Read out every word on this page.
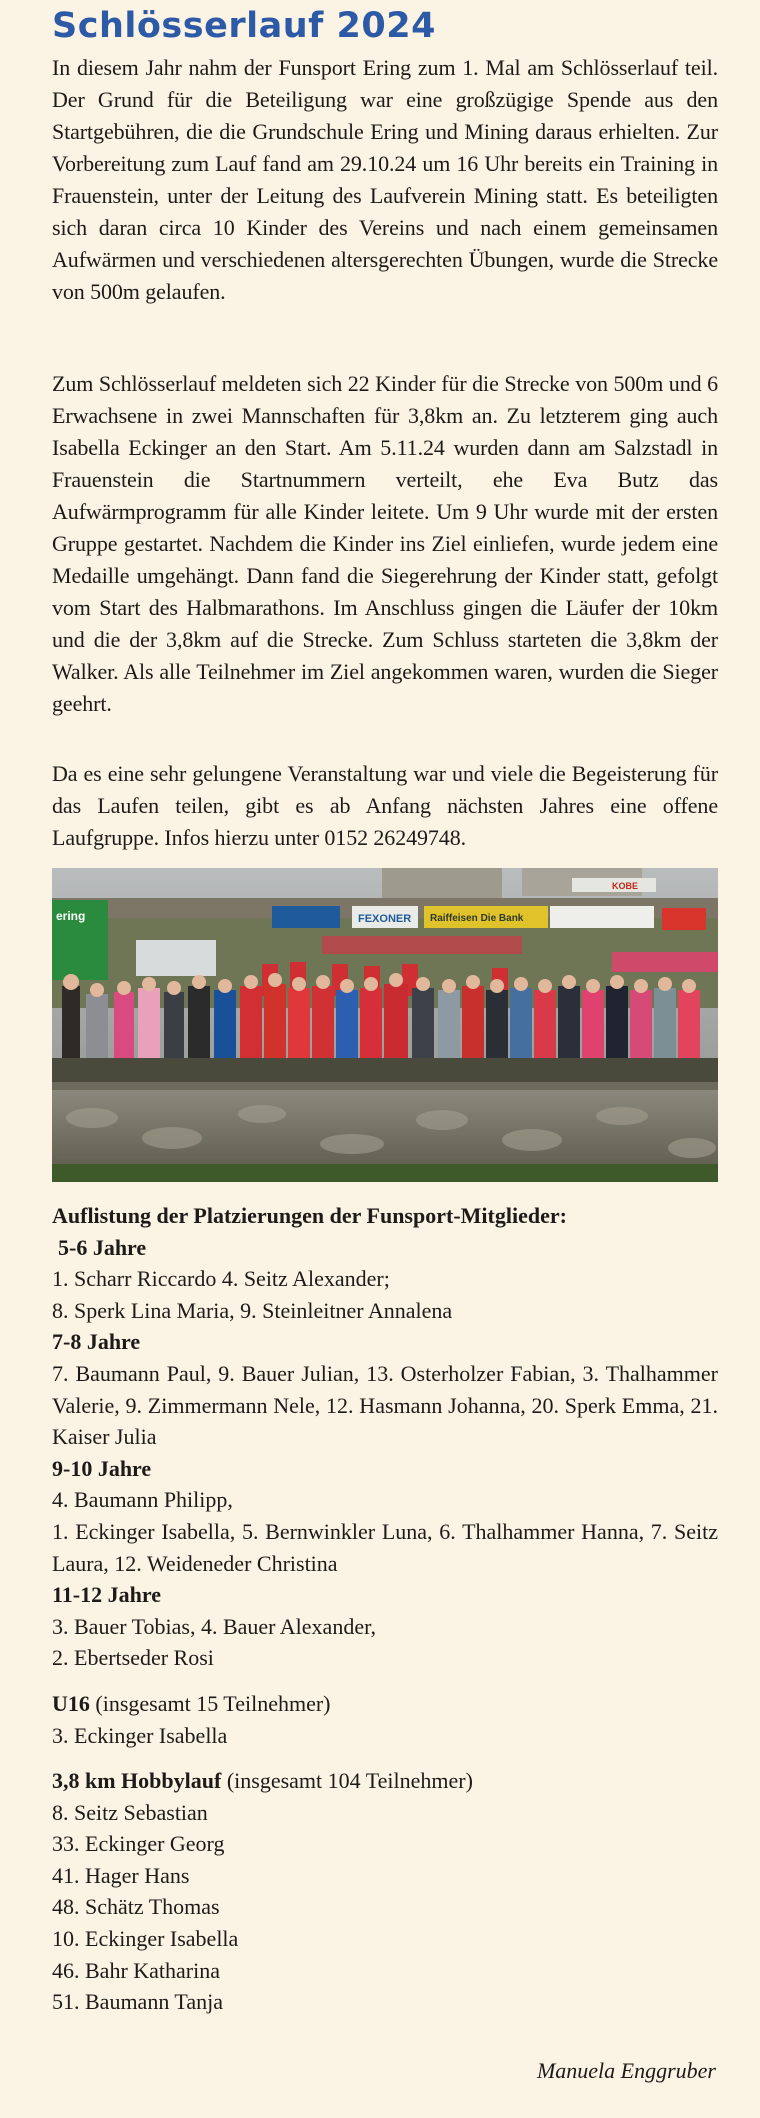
Schlösserlauf 2024

In diesem Jahr nahm der Funsport Ering zum 1. Mal am Schlösserlauf teil. Der Grund für die Beteiligung war eine großzügige Spende aus den Startgebühren, die die Grundschule Ering und Mining daraus erhielten. Zur Vorbereitung zum Lauf fand am 29.10.24 um 16 Uhr bereits ein Training in Frauenstein, unter der Leitung des Laufverein Mining statt. Es beteiligten sich daran circa 10 Kinder des Vereins und nach einem gemeinsamen Aufwärmen und verschiedenen altersgerechten Übungen, wurde die Strecke von 500m gelaufen.

Zum Schlösserlauf meldeten sich 22 Kinder für die Strecke von 500m und 6 Erwachsene in zwei Mannschaften für 3,8km an. Zu letzterem ging auch Isabella Eckinger an den Start. Am 5.11.24 wurden dann am Salzstadl in Frauenstein die Startnummern verteilt, ehe Eva Butz das Aufwärmprogramm für alle Kinder leitete. Um 9 Uhr wurde mit der ersten Gruppe gestartet. Nachdem die Kinder ins Ziel einliefen, wurde jedem eine Medaille umgehängt. Dann fand die Siegerehrung der Kinder statt, gefolgt vom Start des Halbmarathons. Im Anschluss gingen die Läufer der 10km und die der 3,8km auf die Strecke. Zum Schluss starteten die 3,8km der Walker. Als alle Teilnehmer im Ziel angekommen waren, wurden die Sieger geehrt.

Da es eine sehr gelungene Veranstaltung war und viele die Begeisterung für das Laufen teilen, gibt es ab Anfang nächsten Jahres eine offene Laufgruppe. Infos hierzu unter 0152 26249748.

ering	FEXONER Raiffeisen Die Bank
KOBE
Auflistung der Platzierungen der Funsport-Mitglieder:
5-6 Jahre
1. Scharr Riccardo 4. Seitz Alexander;
8. Sperk Lina Maria, 9. Steinleitner Annalena
7-8 Jahre
7. Baumann Paul, 9. Bauer Julian, 13. Osterholzer Fabian, 3. Thalhammer Valerie, 9. Zimmermann Nele, 12. Hasmann Johanna, 20. Sperk Emma, 21. Kaiser Julia
9-10 Jahre
4. Baumann Philipp,
1. Eckinger Isabella, 5. Bernwinkler Luna, 6. Thalhammer Hanna, 7. Seitz Laura, 12. Weideneder Christina
11-12 Jahre
3. Bauer Tobias, 4. Bauer Alexander,
2. Ebertseder Rosi
U16 (insgesamt 15 Teilnehmer)
3. Eckinger Isabella
3,8 km Hobbylauf (insgesamt 104 Teilnehmer)
8. Seitz Sebastian
33. Eckinger Georg
41. Hager Hans
48. Schätz Thomas
10. Eckinger Isabella
46. Bahr Katharina
51. Baumann Tanja
Manuela Enggruber
